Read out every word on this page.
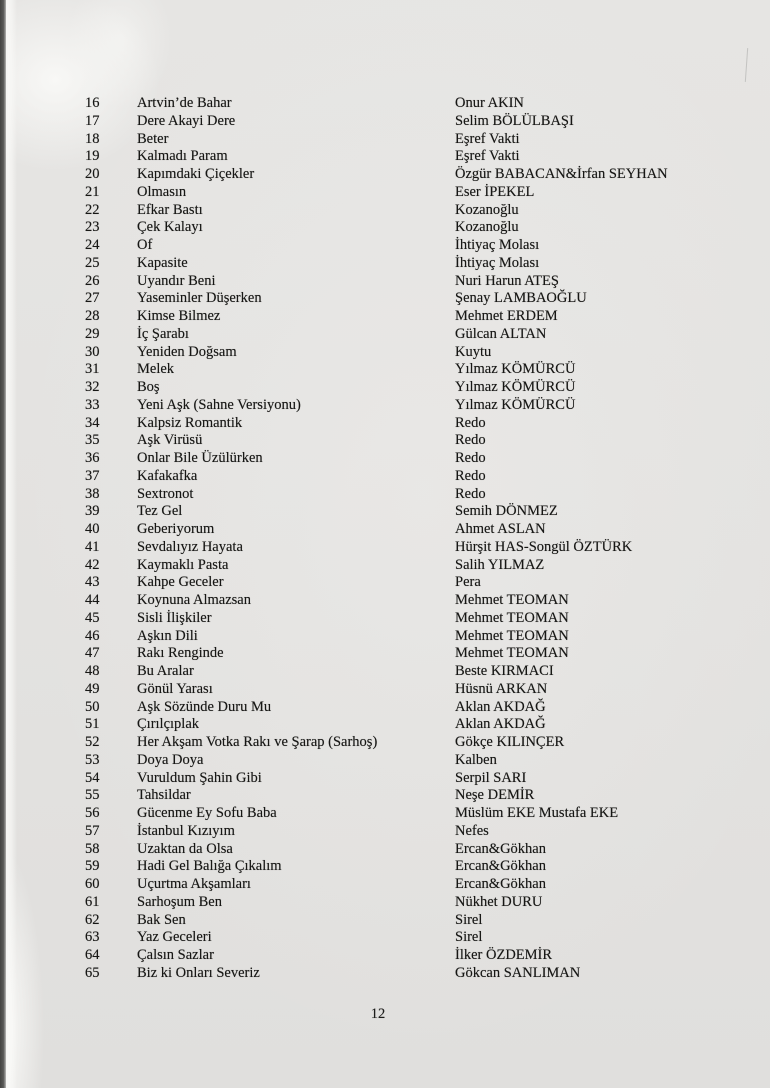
16	Artvin’de Bahar	Onur AKIN
17	Dere Akayi Dere	Selim BÖLÜLBAŞI
18	Beter	Eşref Vakti
19	Kalmadı Param	Eşref Vakti
20	Kapımdaki Çiçekler	Özgür BABACAN&İrfan SEYHAN
21	Olmasın	Eser İPEKEL
22	Efkar Bastı	Kozanoğlu
23	Çek Kalayı	Kozanoğlu
24	Of	İhtiyaç Molası
25	Kapasite	İhtiyaç Molası
26	Uyandır Beni	Nuri Harun ATEŞ
27	Yaseminler Düşerken	Şenay LAMBAOĞLU
28	Kimse Bilmez	Mehmet ERDEM
29	İç Şarabı	Gülcan ALTAN
30	Yeniden Doğsam	Kuytu
31	Melek	Yılmaz KÖMÜRCÜ
32	Boş	Yılmaz KÖMÜRCÜ
33	Yeni Aşk (Sahne Versiyonu)	Yılmaz KÖMÜRCÜ
34	Kalpsiz Romantik	Redo
35	Aşk Virüsü	Redo
36	Onlar Bile Üzülürken	Redo
37	Kafakafka	Redo
38	Sextronot	Redo
39	Tez Gel	Semih DÖNMEZ
40	Geberiyorum	Ahmet ASLAN
41	Sevdalıyız Hayata	Hürşit HAS-Songül ÖZTÜRK
42	Kaymaklı Pasta	Salih YILMAZ
43	Kahpe Geceler	Pera
44	Koynuna Almazsan	Mehmet TEOMAN
45	Sisli İlişkiler	Mehmet TEOMAN
46	Aşkın Dili	Mehmet TEOMAN
47	Rakı Renginde	Mehmet TEOMAN
48	Bu Aralar	Beste KIRMACI
49	Gönül Yarası	Hüsnü ARKAN
50	Aşk Sözünde Duru Mu	Aklan AKDAĞ
51	Çırılçıplak	Aklan AKDAĞ
52	Her Akşam Votka Rakı ve Şarap (Sarhoş)	Gökçe KILINÇER
53	Doya Doya	Kalben
54	Vuruldum Şahin Gibi	Serpil SARI
55	Tahsildar	Neşe DEMİR
56	Gücenme Ey Sofu Baba	Müslüm EKE Mustafa EKE
57	İstanbul Kızıyım	Nefes
58	Uzaktan da Olsa	Ercan&Gökhan
59	Hadi Gel Balığa Çıkalım	Ercan&Gökhan
60	Uçurtma Akşamları	Ercan&Gökhan
61	Sarhoşum Ben	Nükhet DURU
62	Bak Sen	Sirel
63	Yaz Geceleri	Sirel
64	Çalsın Sazlar	İlker ÖZDEMİR
65	Biz ki Onları Severiz	Gökcan SANLIMAN
12
